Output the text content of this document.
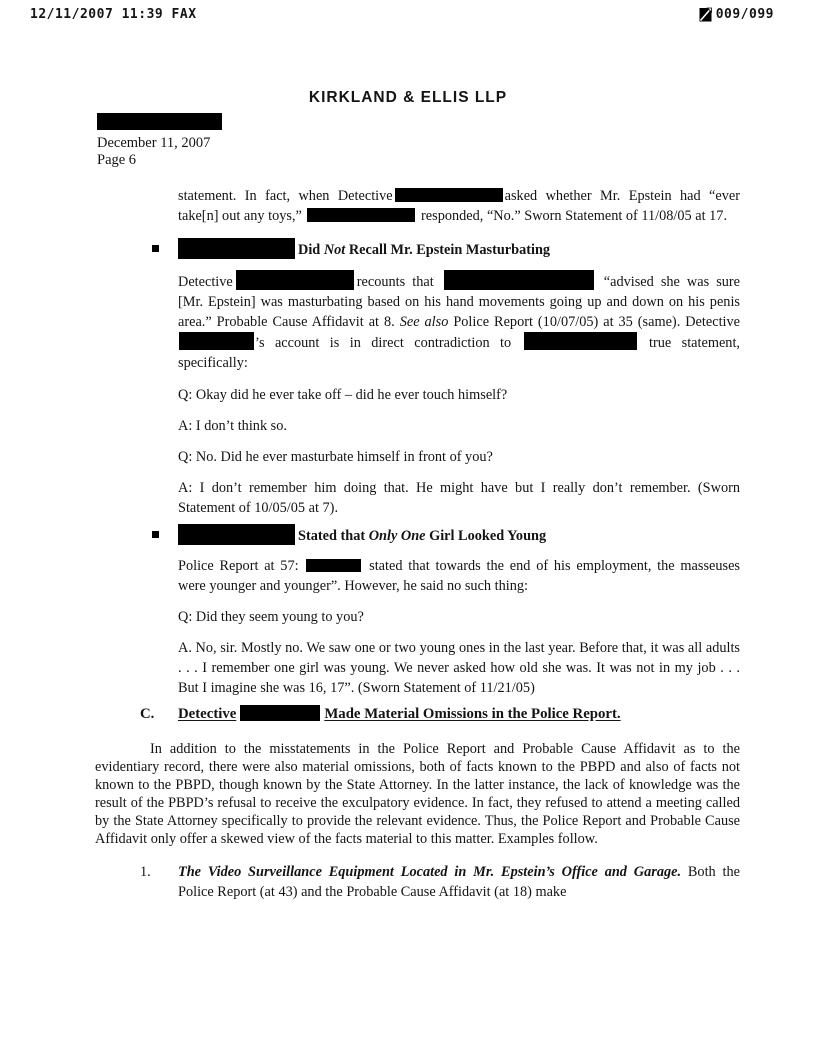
12/11/2007 11:39 FAX	009/099
KIRKLAND & ELLIS LLP
December 11, 2007
Page 6

statement. In fact, when Detective	asked whether Mr. Epstein had “ever take[n] out any toys,”	responded, “No.” Sworn Statement of 11/08/05 at 17.

Did Not Recall Mr. Epstein Masturbating

Detective	recounts that	“advised she was sure [Mr. Epstein] was masturbating based on his hand movements going up and down on his penis area.” Probable Cause Affidavit at 8. See also Police Report (10/07/05) at 35 (same). Detective’s account is in direct contradiction to	true statement, specifically:

Q: Okay did he ever take off – did he ever touch himself?

A: I don’t think so.

Q: No. Did he ever masturbate himself in front of you?

A: I don’t remember him doing that. He might have but I really don’t remember. (Sworn Statement of 10/05/05 at 7).

Stated that Only One Girl Looked Young

Police Report at 57:	stated that towards the end of his employment, the masseuses were younger and younger”. However, he said no such thing:

Q: Did they seem young to you?

A. No, sir. Mostly no. We saw one or two young ones in the last year. Before that, it was all adults . . . I remember one girl was young. We never asked how old she was. It was not in my job . . . But I imagine she was 16, 17”. (Sworn Statement of 11/21/05)

C. Detective	Made Material Omissions in the Police Report.

In addition to the misstatements in the Police Report and Probable Cause Affidavit as to the evidentiary record, there were also material omissions, both of facts known to the PBPD and also of facts not known to the PBPD, though known by the State Attorney. In the latter instance, the lack of knowledge was the result of the PBPD’s refusal to receive the exculpatory evidence. In fact, they refused to attend a meeting called by the State Attorney specifically to provide the relevant evidence. Thus, the Police Report and Probable Cause Affidavit only offer a skewed view of the facts material to this matter. Examples follow.

1. The Video Surveillance Equipment Located in Mr. Epstein’s Office and Garage. Both the Police Report (at 43) and the Probable Cause Affidavit (at 18) make
